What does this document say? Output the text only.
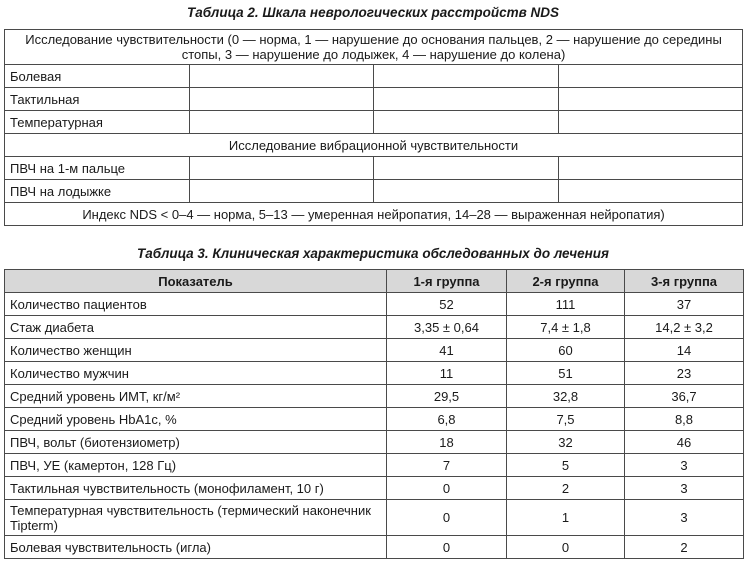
Таблица 2. Шкала неврологических расстройств NDS
Исследование чувствительности (0 — норма, 1 — нарушение до основания пальцев, 2 — нарушение до середины стопы, 3 — нарушение до лодыжек, 4 — нарушение до колена)			
Болевая			
Тактильная			
Температурная			
Исследование вибрационной чувствительности			
ПВЧ на 1-м пальце			
ПВЧ на лодыжке			
Индекс NDS < 0–4 — норма, 5–13 — умеренная нейропатия, 14–28 — выраженная нейропатия)			
Таблица 3. Клиническая характеристика обследованных до лечения
Показатель	1-я группа	2-я группа	3-я группа
Количество пациентов	52	111	37
Стаж диабета	3,35 ± 0,64	7,4 ± 1,8	14,2 ± 3,2
Количество женщин	41	60	14
Количество мужчин	11	51	23
Средний уровень ИМТ, кг/м²	29,5	32,8	36,7
Средний уровень HbA1c, %	6,8	7,5	8,8
ПВЧ, вольт (биотензиометр)	18	32	46
ПВЧ, УЕ (камертон, 128 Гц)	7	5	3
Тактильная чувствительность (монофиламент, 10 г)	0	2	3
Температурная чувствительность (термический наконечник Tipterm)	0	1	3
Болевая чувствительность (игла)	0	0	2
